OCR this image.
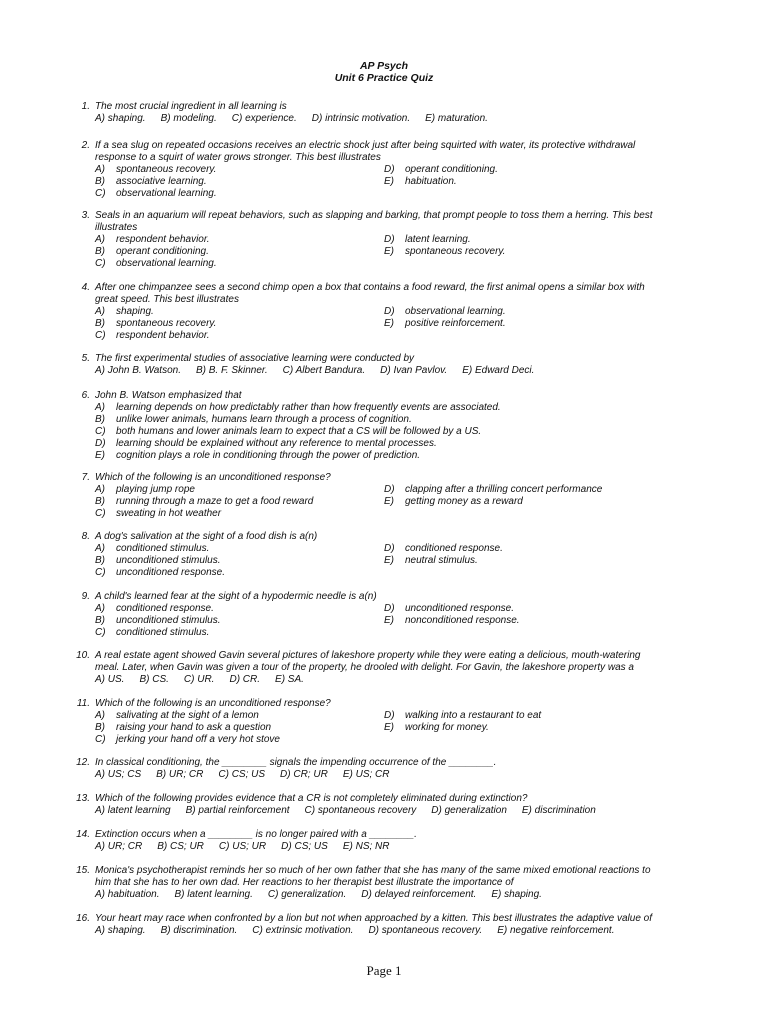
AP Psych
Unit 6 Practice Quiz
1. The most crucial ingredient in all learning is
A) shaping. B) modeling. C) experience. D) intrinsic motivation. E) maturation.
2. If a sea slug on repeated occasions receives an electric shock just after being squirted with water, its protective withdrawal response to a squirt of water grows stronger. This best illustrates
A) spontaneous recovery.
B) associative learning.
C) observational learning.
D) operant conditioning.
E) habituation.
3. Seals in an aquarium will repeat behaviors, such as slapping and barking, that prompt people to toss them a herring. This best illustrates
A) respondent behavior.
B) operant conditioning.
C) observational learning.
D) latent learning.
E) spontaneous recovery.
4. After one chimpanzee sees a second chimp open a box that contains a food reward, the first animal opens a similar box with great speed. This best illustrates
A) shaping.
B) spontaneous recovery.
C) respondent behavior.
D) observational learning.
E) positive reinforcement.
5. The first experimental studies of associative learning were conducted by
A) John B. Watson. B) B. F. Skinner. C) Albert Bandura. D) Ivan Pavlov. E) Edward Deci.
6. John B. Watson emphasized that
A) learning depends on how predictably rather than how frequently events are associated.
B) unlike lower animals, humans learn through a process of cognition.
C) both humans and lower animals learn to expect that a CS will be followed by a US.
D) learning should be explained without any reference to mental processes.
E) cognition plays a role in conditioning through the power of prediction.
7. Which of the following is an unconditioned response?
A) playing jump rope
B) running through a maze to get a food reward
C) sweating in hot weather
D) clapping after a thrilling concert performance
E) getting money as a reward
8. A dog's salivation at the sight of a food dish is a(n)
A) conditioned stimulus.
B) unconditioned stimulus.
C) unconditioned response.
D) conditioned response.
E) neutral stimulus.
9. A child's learned fear at the sight of a hypodermic needle is a(n)
A) conditioned response.
B) unconditioned stimulus.
C) conditioned stimulus.
D) unconditioned response.
E) nonconditioned response.
10. A real estate agent showed Gavin several pictures of lakeshore property while they were eating a delicious, mouth-watering meal. Later, when Gavin was given a tour of the property, he drooled with delight. For Gavin, the lakeshore property was a
A) US. B) CS. C) UR. D) CR. E) SA.
11. Which of the following is an unconditioned response?
A) salivating at the sight of a lemon
B) raising your hand to ask a question
C) jerking your hand off a very hot stove
D) walking into a restaurant to eat
E) working for money.
12. In classical conditioning, the ________ signals the impending occurrence of the ________.
A) US; CS B) UR; CR C) CS; US D) CR; UR E) US; CR
13. Which of the following provides evidence that a CR is not completely eliminated during extinction?
A) latent learning B) partial reinforcement C) spontaneous recovery D) generalization E) discrimination
14. Extinction occurs when a ________ is no longer paired with a ________.
A) UR; CR B) CS; UR C) US; UR D) CS; US E) NS; NR
15. Monica's psychotherapist reminds her so much of her own father that she has many of the same mixed emotional reactions to him that she has to her own dad. Her reactions to her therapist best illustrate the importance of
A) habituation. B) latent learning. C) generalization. D) delayed reinforcement. E) shaping.
16. Your heart may race when confronted by a lion but not when approached by a kitten. This best illustrates the adaptive value of
A) shaping. B) discrimination. C) extrinsic motivation. D) spontaneous recovery. E) negative reinforcement.
Page 1
